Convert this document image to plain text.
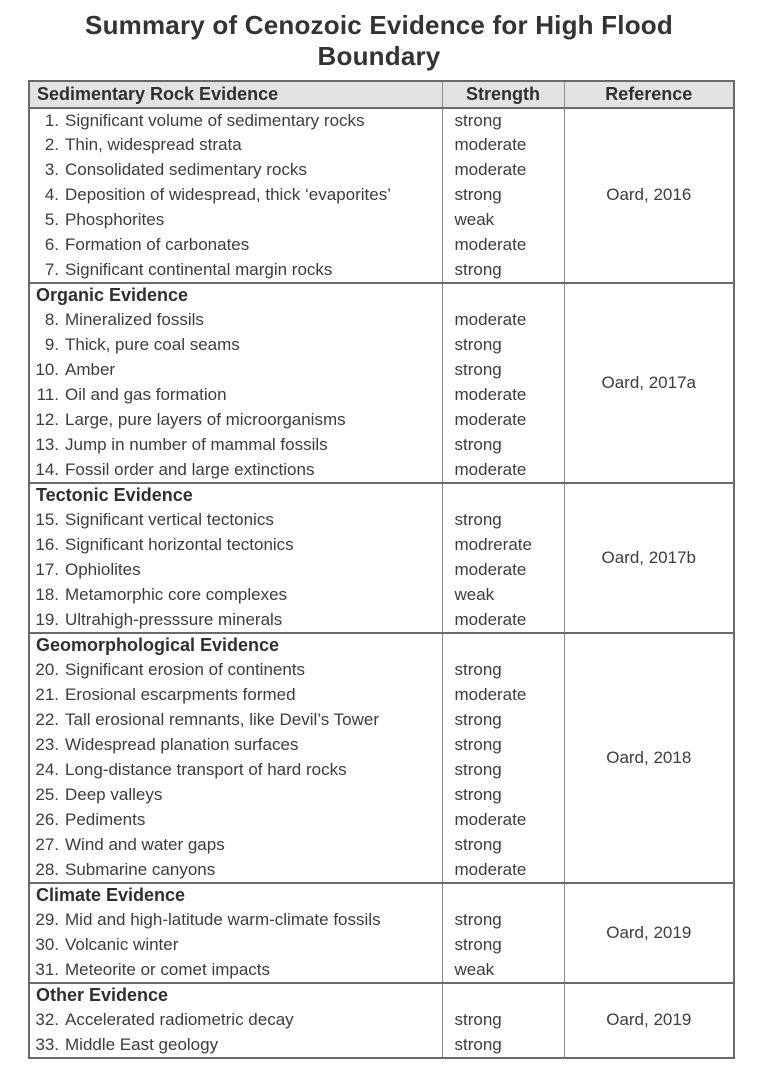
Summary of Cenozoic Evidence for High Flood Boundary
Sedimentary Rock Evidence	Strength	Reference
1. Significant volume of sedimentary rocks	strong	Oard, 2016
2. Thin, widespread strata	moderate	
3. Consolidated sedimentary rocks	moderate	
4. Deposition of widespread, thick ‘evaporites’	strong	
5. Phosphorites	weak	
6. Formation of carbonates	moderate	
7. Significant continental margin rocks	strong	
Organic Evidence		Oard, 2017a
8. Mineralized fossils	moderate	
9. Thick, pure coal seams	strong	
10. Amber	strong	
11. Oil and gas formation	moderate	
12. Large, pure layers of microorganisms	moderate	
13. Jump in number of mammal fossils	strong	
14. Fossil order and large extinctions	moderate	
Tectonic Evidence		Oard, 2017b
15. Significant vertical tectonics	strong	
16. Significant horizontal tectonics	modrerate	
17. Ophiolites	moderate	
18. Metamorphic core complexes	weak	
19. Ultrahigh-presssure minerals	moderate	
Geomorphological Evidence		Oard, 2018
20. Significant erosion of continents	strong	
21. Erosional escarpments formed	moderate	
22. Tall erosional remnants, like Devil’s Tower	strong	
23. Widespread planation surfaces	strong	
24. Long-distance transport of hard rocks	strong	
25. Deep valleys	strong	
26. Pediments	moderate	
27. Wind and water gaps	strong	
28. Submarine canyons	moderate	
Climate Evidence		Oard, 2019
29. Mid and high-latitude warm-climate fossils	strong	
30. Volcanic winter	strong	
31. Meteorite or comet impacts	weak	
Other Evidence		Oard, 2019
32. Accelerated radiometric decay	strong	
33. Middle East geology	strong	
